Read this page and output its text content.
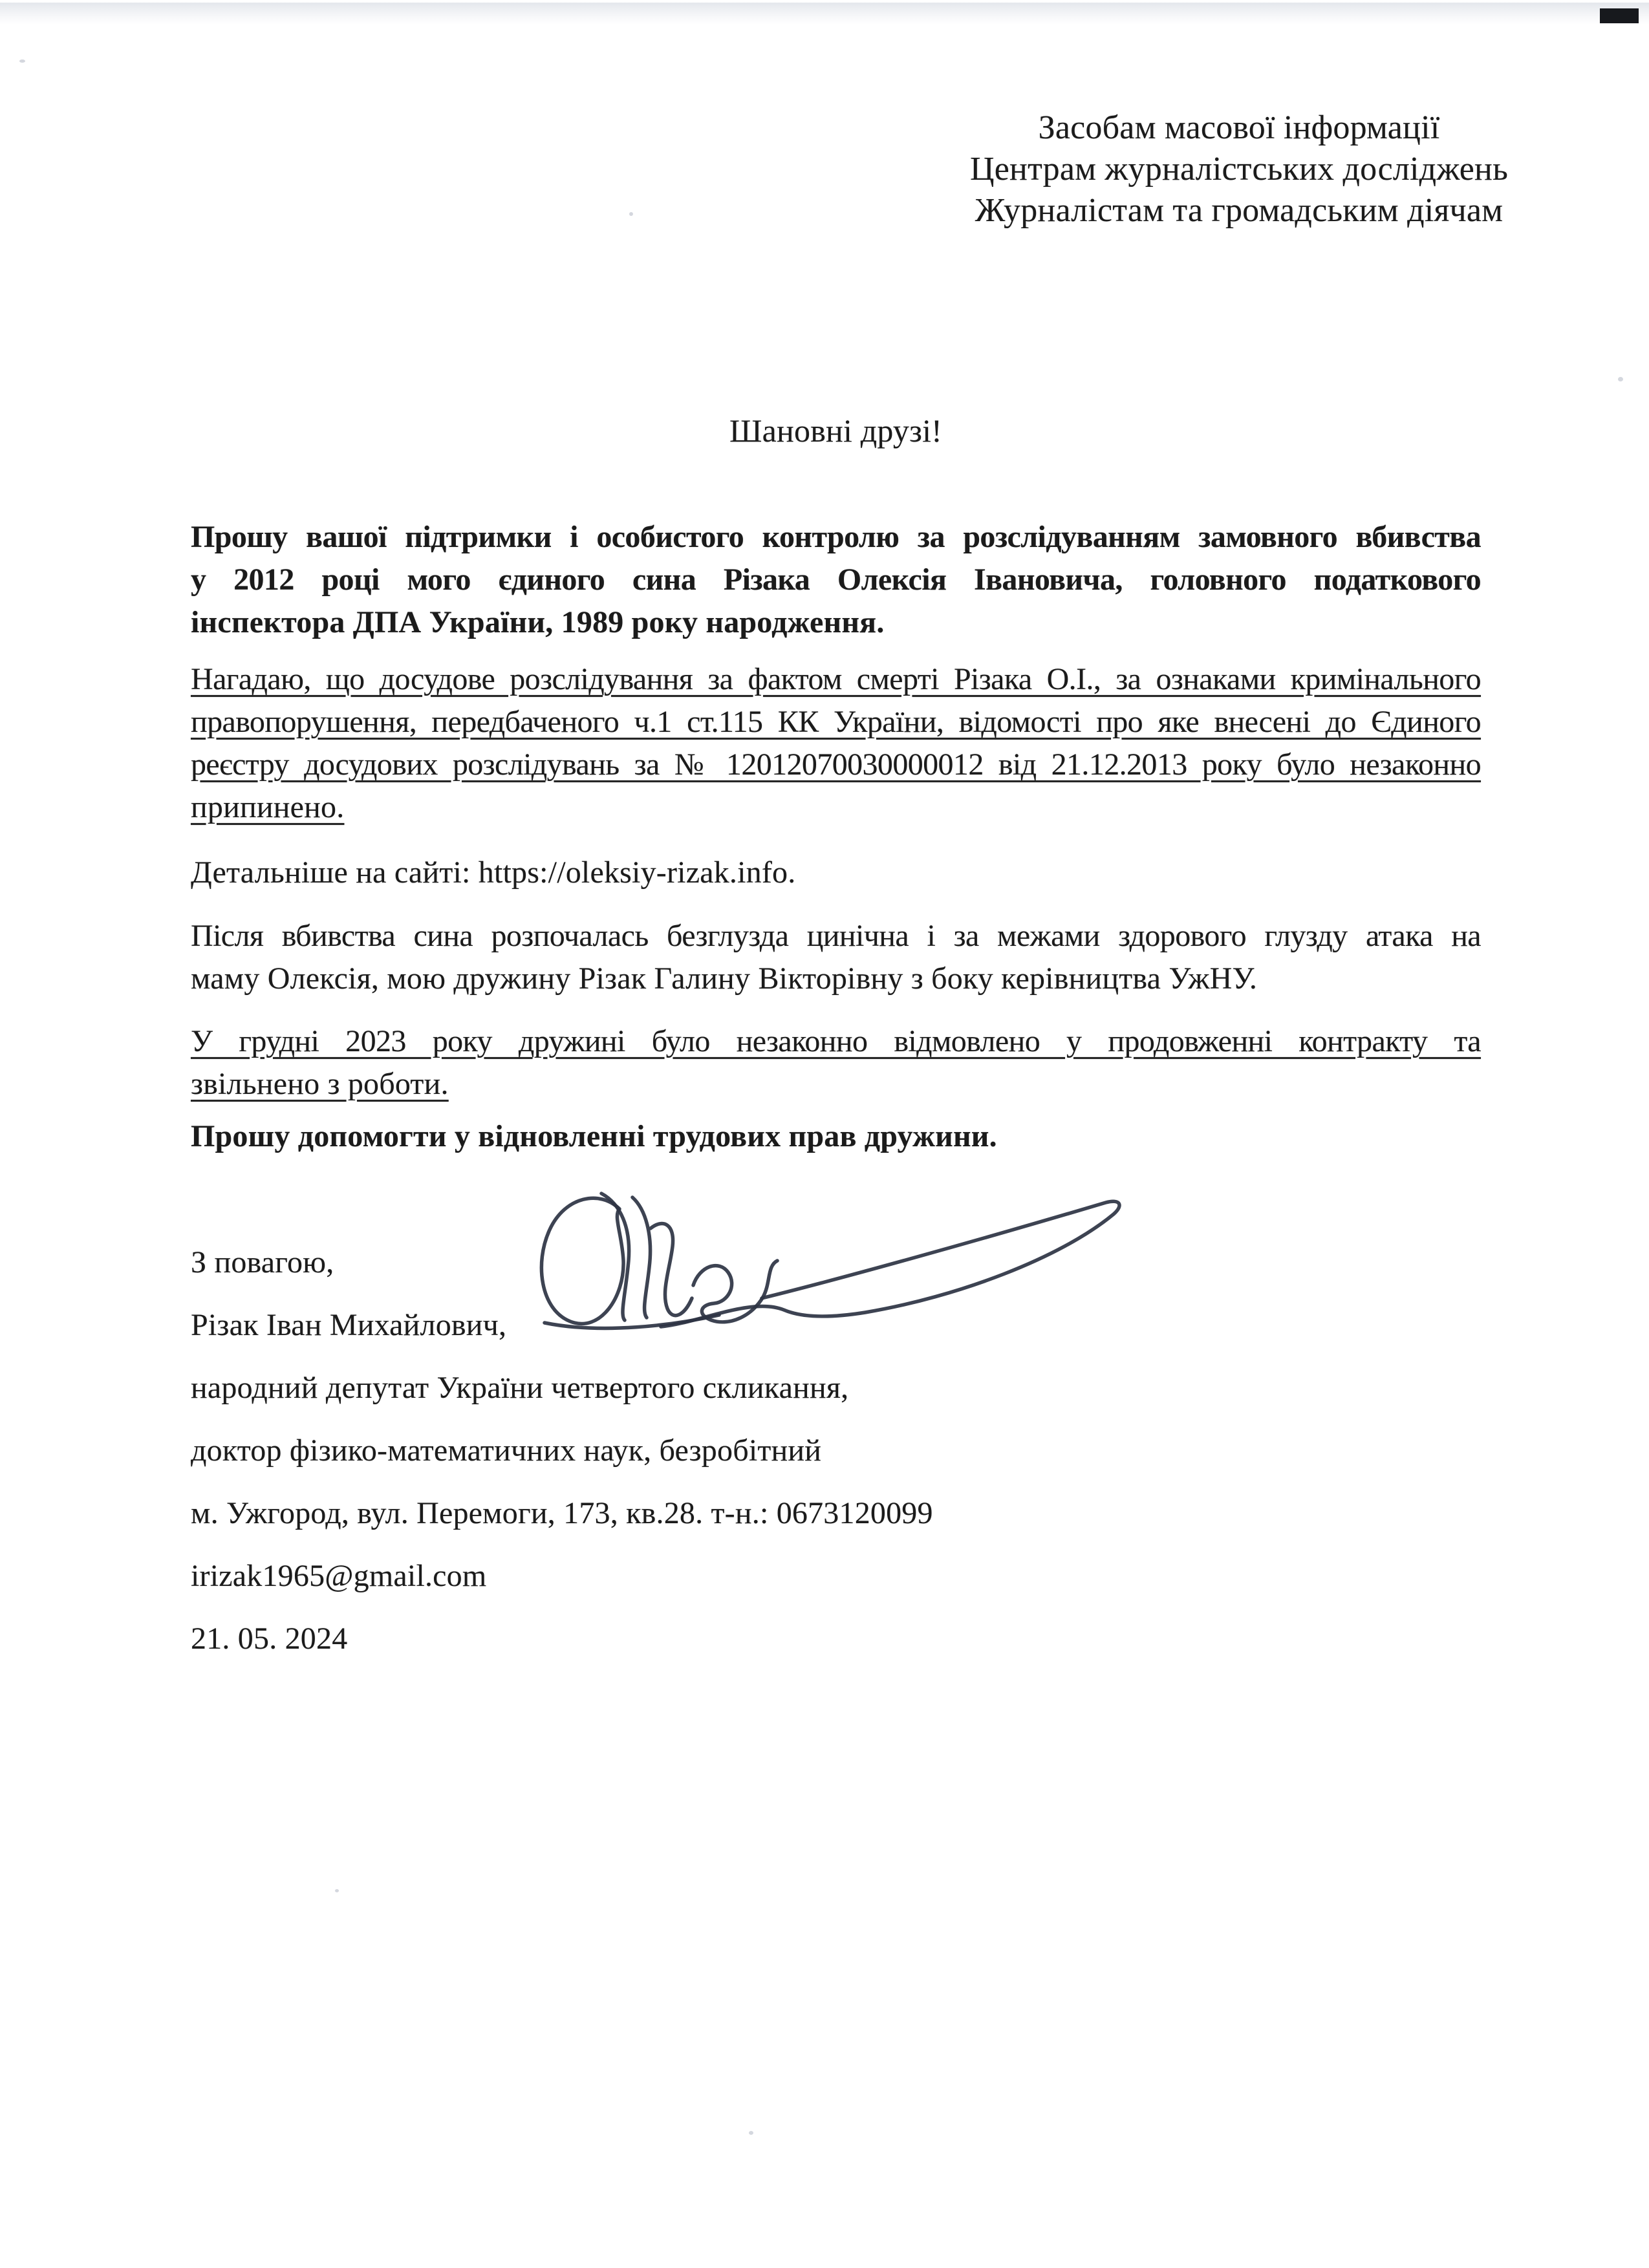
Засобам масової інформації
Центрам журналістських досліджень
Журналістам та громадським діячам
Шановні друзі!
Прошу вашої підтримки і особистого контролю за розслідуванням замовного вбивства
у 2012 році мого єдиного сина Різака Олексія Івановича, головного податкового
інспектора ДПА України, 1989 року народження.
Нагадаю, що досудове розслідування за фактом смерті Різака О.І., за ознаками кримінального
правопорушення, передбаченого ч.1 ст.115 КК України, відомості про яке внесені до Єдиного
реєстру досудових розслідувань за № 12012070030000012 від 21.12.2013 року було незаконно
припинено.
Детальніше на сайті: https://oleksiy-rizak.info.
Після вбивства сина розпочалась безглузда цинічна і за межами здорового глузду атака на
маму Олексія, мою дружину Різак Галину Вікторівну з боку керівництва УжНУ.
У грудні 2023 року дружині було незаконно відмовлено у продовженні контракту та
звільнено з роботи.
Прошу допомогти у відновленні трудових прав дружини.
З повагою,
Різак Іван Михайлович,
народний депутат України четвертого скликання,
доктор фізико-математичних наук, безробітний
м. Ужгород, вул. Перемоги, 173, кв.28. т-н.: 0673120099
irizak1965@gmail.com
21. 05. 2024
